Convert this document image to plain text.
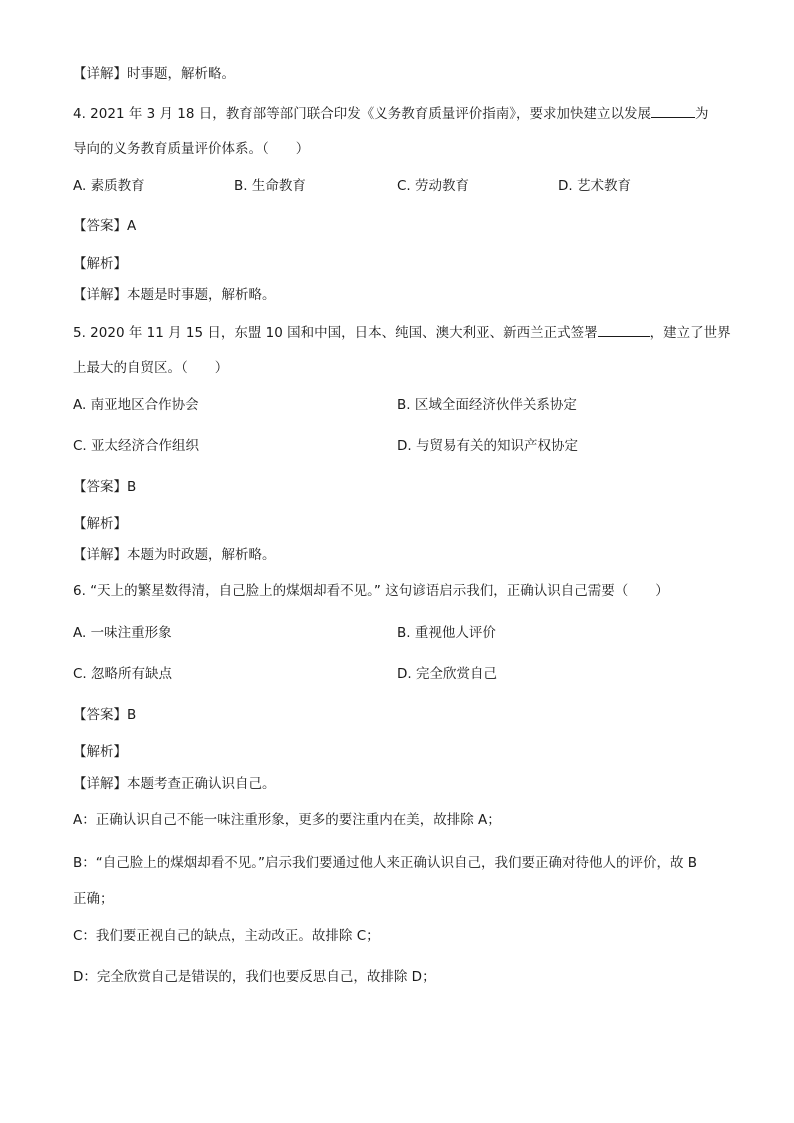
【详解】时事题，解析略。
4. 2021 年 3 月 18 日，教育部等部门联合印发《义务教育质量评价指南》，要求加快建立以发展	为
导向的义务教育质量评价体系。（　　）
A. 素质教育	B. 生命教育	C. 劳动教育	D. 艺术教育
【答案】A
【解析】
【详解】本题是时事题，解析略。
5. 2020 年 11 月 15 日，东盟 10 国和中国，日本、纯国、澳大利亚、新西兰正式签署	，建立了世界
上最大的自贸区。（　　）
A. 南亚地区合作协会	B. 区域全面经济伙伴关系协定
C. 亚太经济合作组织	D. 与贸易有关的知识产权协定
【答案】B
【解析】
【详解】本题为时政题，解析略。
6. “天上的繁星数得清，自己脸上的煤烟却看不见。” 这句谚语启示我们，正确认识自己需要（　　）
A. 一味注重形象	B. 重视他人评价
C. 忽略所有缺点	D. 完全欣赏自己
【答案】B
【解析】
【详解】本题考查正确认识自己。
A：正确认识自己不能一味注重形象，更多的要注重内在美，故排除 A；
B：“自己脸上的煤烟却看不见。”启示我们要通过他人来正确认识自己，我们要正确对待他人的评价，故 B
正确；
C：我们要正视自己的缺点，主动改正。故排除 C；
D：完全欣赏自己是错误的，我们也要反思自己，故排除 D；
